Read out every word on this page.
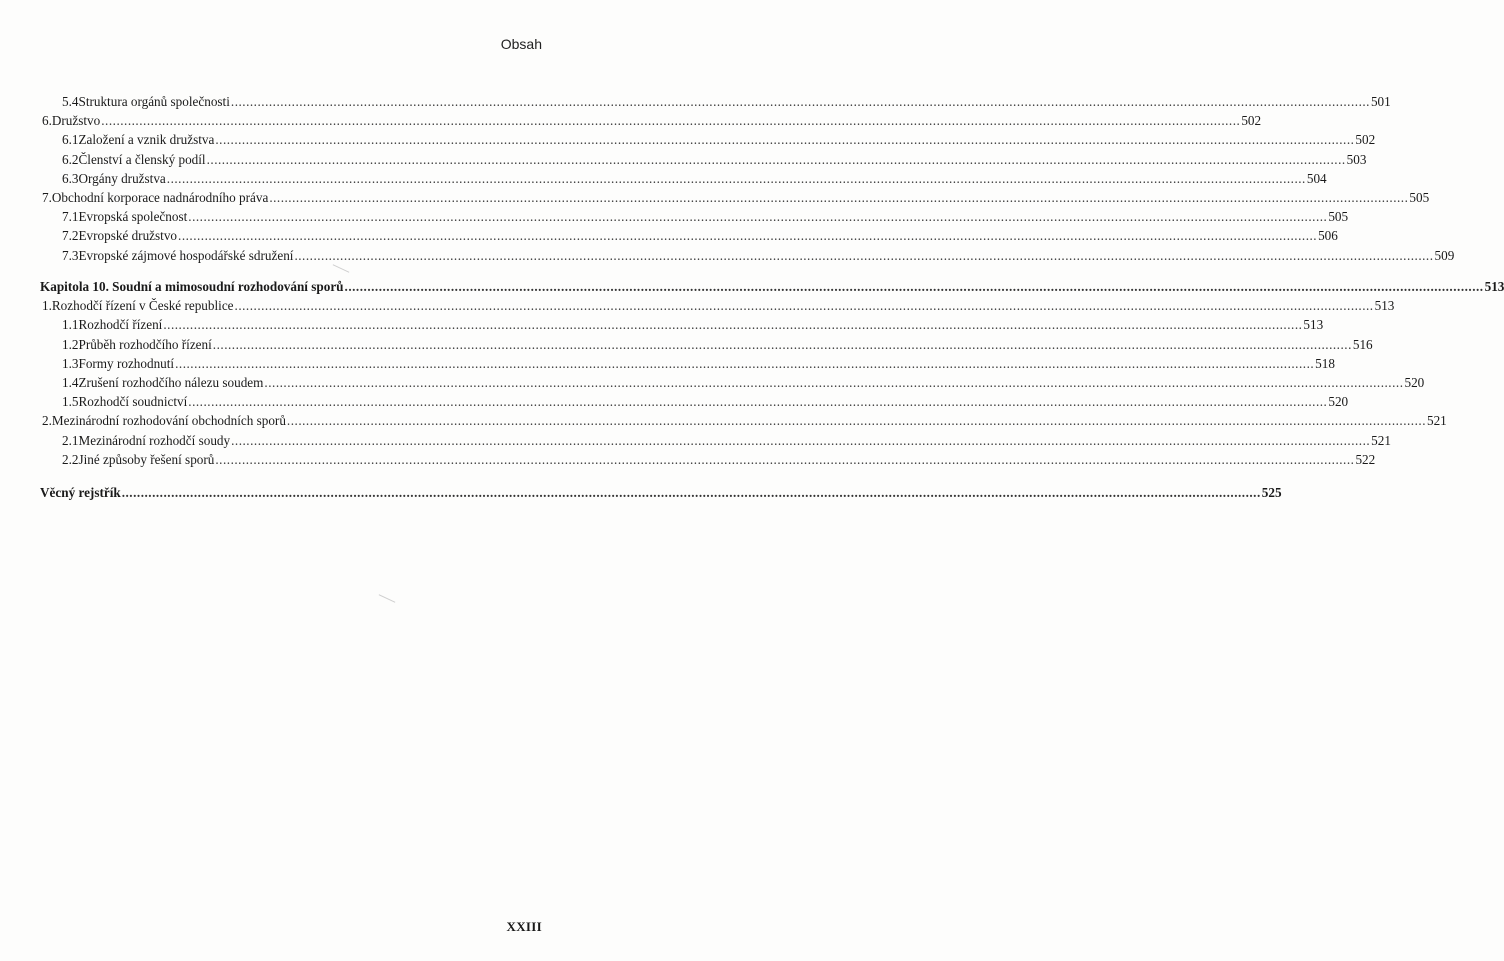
Obsah
5.4 Struktura orgánů společnosti ............................................................................................................................................................................................................................................................................................................ 501
6. Družstvo ............................................................................................................................................................................................................................................................................................................ 502
6.1 Založení a vznik družstva ............................................................................................................................................................................................................................................................................................................ 502
6.2 Členství a členský podíl ............................................................................................................................................................................................................................................................................................................ 503
6.3 Orgány družstva ............................................................................................................................................................................................................................................................................................................ 504
7. Obchodní korporace nadnárodního práva ............................................................................................................................................................................................................................................................................................................ 505
7.1 Evropská společnost ............................................................................................................................................................................................................................................................................................................ 505
7.2 Evropské družstvo ............................................................................................................................................................................................................................................................................................................ 506
7.3 Evropské zájmové hospodářské sdružení ............................................................................................................................................................................................................................................................................................................ 509
Kapitola 10. Soudní a mimosoudní rozhodování sporů ............................................................................................................................................................................................................................................................................................................ 513
1. Rozhodčí řízení v České republice ............................................................................................................................................................................................................................................................................................................ 513
1.1 Rozhodčí řízení ............................................................................................................................................................................................................................................................................................................ 513
1.2 Průběh rozhodčího řízení ............................................................................................................................................................................................................................................................................................................ 516
1.3 Formy rozhodnutí ............................................................................................................................................................................................................................................................................................................ 518
1.4 Zrušení rozhodčího nálezu soudem ............................................................................................................................................................................................................................................................................................................ 520
1.5 Rozhodčí soudnictví ............................................................................................................................................................................................................................................................................................................ 520
2. Mezinárodní rozhodování obchodních sporů ............................................................................................................................................................................................................................................................................................................ 521
2.1 Mezinárodní rozhodčí soudy ............................................................................................................................................................................................................................................................................................................ 521
2.2 Jiné způsoby řešení sporů ............................................................................................................................................................................................................................................................................................................ 522
Věcný rejstřík ............................................................................................................................................................................................................................................................................................................ 525
XXIII
